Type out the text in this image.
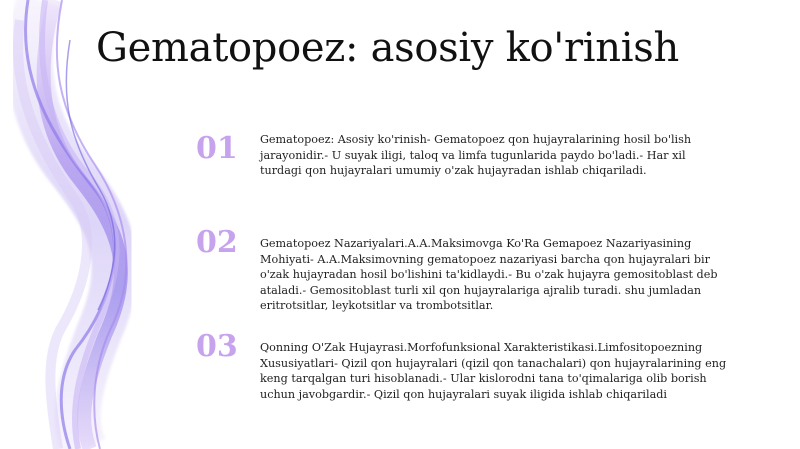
Gematopoez: asosiy ko'rinish
01	Gematopoez: Asosiy ko'rinish- Gematopoez qon hujayralarining hosil bo'lish jarayonidir.- U suyak iligi, taloq va limfa tugunlarida paydo bo'ladi.- Har xil turdagi qon hujayralari umumiy o'zak hujayradan ishlab chiqariladi.
02	Gematopoez Nazariyalari.A.A.Maksimovga Ko'Ra Gemapoez Nazariyasining Mohiyati- A.A.Maksimovning gematopoez nazariyasi barcha qon hujayralari bir o'zak hujayradan hosil bo'lishini ta'kidlaydi.- Bu o'zak hujayra gemositoblast deb ataladi.- Gemositoblast turli xil qon hujayralariga ajralib turadi. shu jumladan eritrotsitlar, leykotsitlar va trombotsitlar.
03	Qonning O'Zak Hujayrasi.Morfofunksional Xarakteristikasi.Limfositopoezning Xususiyatlari- Qizil qon hujayralari (qizil qon tanachalari) qon hujayralarining eng keng tarqalgan turi hisoblanadi.- Ular kislorodni tana to'qimalariga olib borish uchun javobgardir.- Qizil qon hujayralari suyak iligida ishlab chiqariladi
